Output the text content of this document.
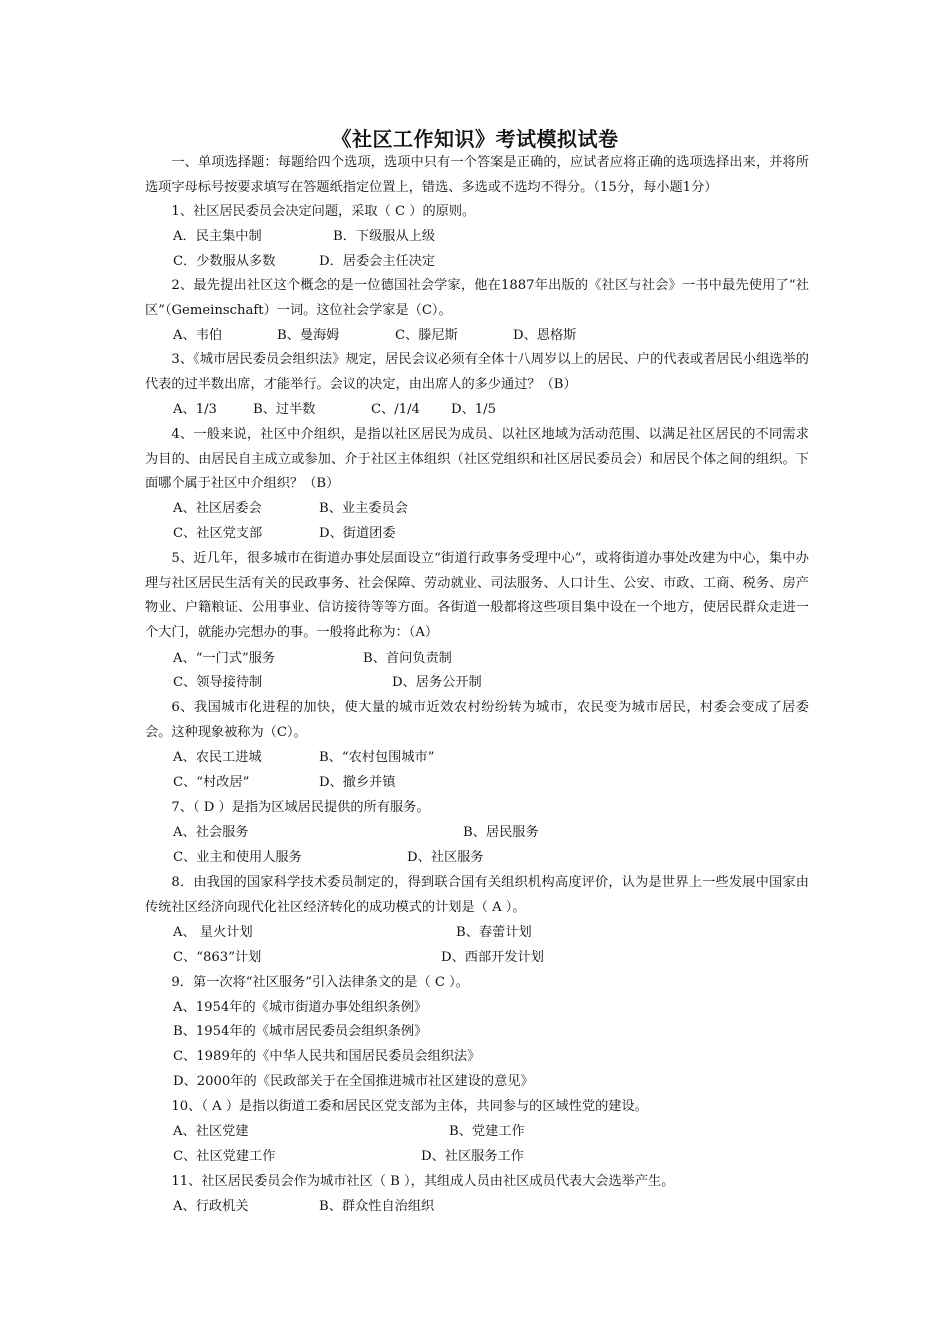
《社区工作知识》考试模拟试卷

一、单项选择题：每题给四个选项，选项中只有一个答案是正确的，应试者应将正确的选项选择出来，并将所选项字母标号按要求填写在答题纸指定位置上，错选、多选或不选均不得分。（15分，每小题1分）

1、社区居民委员会决定问题，采取（ C ）的原则。

A．民主集中制	B．下级服从上级
C．少数服从多数	D．居委会主任决定

2、最先提出社区这个概念的是一位德国社会学家，他在1887年出版的《社区与社会》一书中最先使用了“社区”（Gemeinschaft）一词。这位社会学家是（C）。

A、韦伯	B、曼海姆	C、滕尼斯	D、恩格斯

3、《城市居民委员会组织法》规定，居民会议必须有全体十八周岁以上的居民、户的代表或者居民小组选举的代表的过半数出席，才能举行。会议的决定，由出席人的多少通过？（B）

A、1/3	B、过半数	C、/1/4 D、1/5

4、一般来说，社区中介组织，是指以社区居民为成员、以社区地域为活动范围、以满足社区居民的不同需求为目的、由居民自主成立或参加、介于社区主体组织（社区党组织和社区居民委员会）和居民个体之间的组织。下面哪个属于社区中介组织？（B）

A、社区居委会	B、业主委员会
C、社区党支部	D、街道团委

5、近几年，很多城市在街道办事处层面设立“街道行政事务受理中心”，或将街道办事处改建为中心，集中办理与社区居民生活有关的民政事务、社会保障、劳动就业、司法服务、人口计生、公安、市政、工商、税务、房产物业、户籍粮证、公用事业、信访接待等等方面。各街道一般都将这些项目集中设在一个地方，使居民群众走进一个大门，就能办完想办的事。一般将此称为：（A）

A、“一门式”服务	B、首问负责制
C、领导接待制	D、居务公开制

6、我国城市化进程的加快，使大量的城市近效农村纷纷转为城市，农民变为城市居民，村委会变成了居委会。这种现象被称为（C）。

A、农民工进城	B、“农村包围城市”
C、“村改居”	D、撤乡并镇

7、（ D ）是指为区域居民提供的所有服务。

A、社会服务	B、居民服务
C、业主和使用人服务	D、社区服务

8．由我国的国家科学技术委员制定的，得到联合国有关组织机构高度评价，认为是世界上一些发展中国家由传统社区经济向现代化社区经济转化的成功模式的计划是（ A ）。

A、 星火计划	B、春蕾计划
C、“863”计划	D、西部开发计划

9．第一次将“社区服务”引入法律条文的是（ C ）。

A、1954年的《城市街道办事处组织条例》
B、1954年的《城市居民委员会组织条例》
C、1989年的《中华人民共和国居民委员会组织法》
D、2000年的《民政部关于在全国推进城市社区建设的意见》

10、（ A ）是指以街道工委和居民区党支部为主体，共同参与的区域性党的建设。

A、社区党建	B、党建工作
C、社区党建工作	D、社区服务工作

11、社区居民委员会作为城市社区（ B ），其组成人员由社区成员代表大会选举产生。

A、行政机关	B、群众性自治组织
